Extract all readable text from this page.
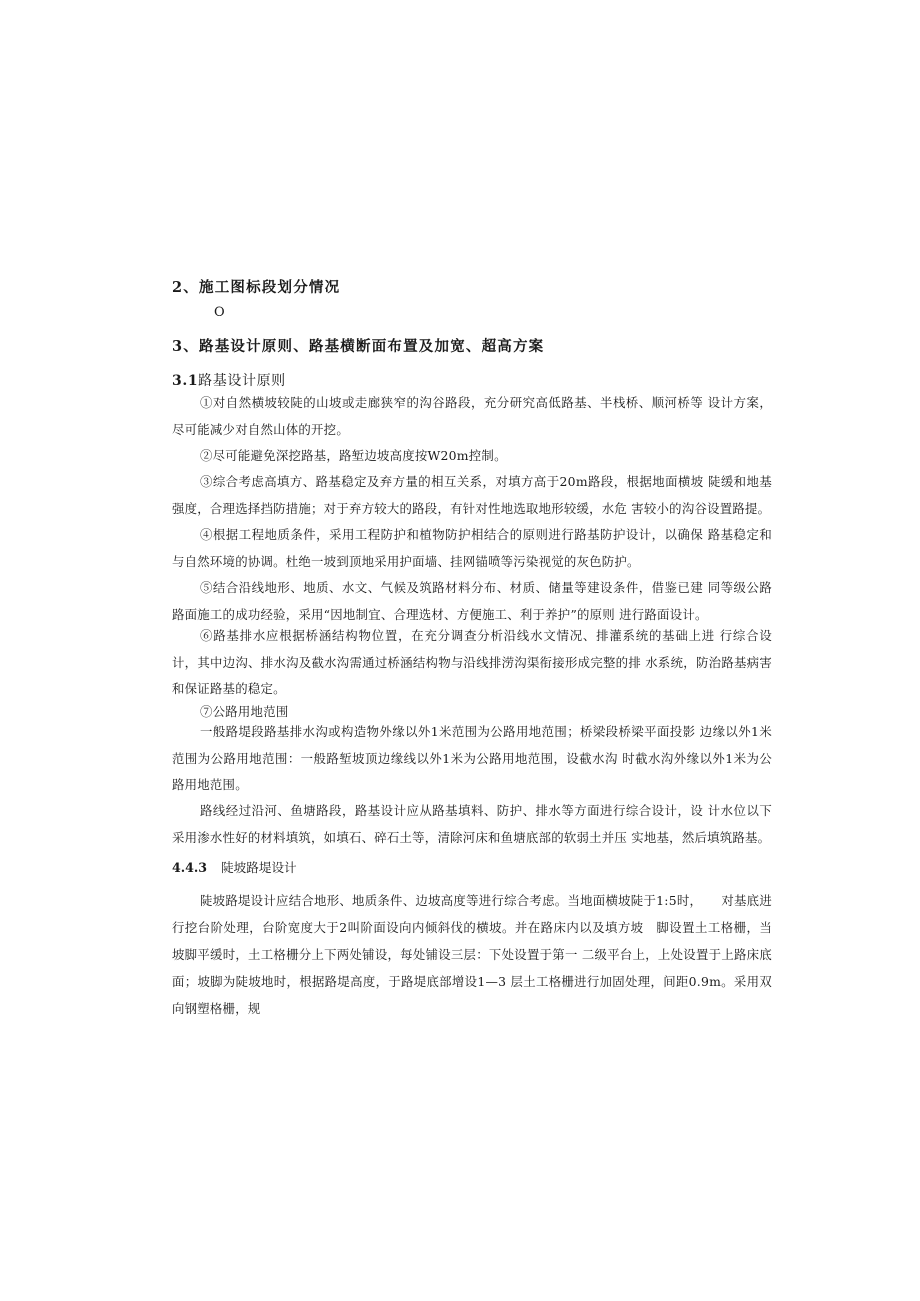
2、施工图标段划分情况
O
3、路基设计原则、路基横断面布置及加宽、超高方案
3.1路基设计原则

①对自然横坡较陡的山坡或走廊狭窄的沟谷路段，充分研究高低路基、半栈桥、顺河桥等 设计方案，尽可能减少对自然山体的开挖。

②尽可能避免深挖路基，路堑边坡高度按W20m控制。

③综合考虑高填方、路基稳定及弃方量的相互关系，对填方高于20m路段，根据地面横坡 陡缓和地基强度，合理选择挡防措施；对于弃方较大的路段，有针对性地选取地形较缓，水危 害较小的沟谷设置路提。

④根据工程地质条件，采用工程防护和植物防护相结合的原则进行路基防护设计，以确保 路基稳定和与自然环境的协调。杜绝一坡到顶地采用护面墙、挂网锚喷等污染视觉的灰色防护。

⑤结合沿线地形、地质、水文、气候及筑路材料分布、材质、储量等建设条件，借鉴已建 同等级公路路面施工的成功经验，采用“因地制宜、合理选材、方便施工、利于养护”的原则 进行路面设计。

⑥路基排水应根据桥涵结构物位置，在充分调查分析沿线水文情况、排灌系统的基础上进 行综合设计，其中边沟、排水沟及截水沟需通过桥涵结构物与沿线排涝沟渠衔接形成完整的排 水系统，防治路基病害和保证路基的稳定。

⑦公路用地范围

一般路堤段路基排水沟或构造物外缘以外1米范围为公路用地范围；桥梁段桥梁平面投影 边缘以外1米范围为公路用地范围：一般路堑坡顶边缘线以外1米为公路用地范围，设截水沟 时截水沟外缘以外1米为公路用地范围。

路线经过沿河、鱼塘路段，路基设计应从路基填料、防护、排水等方面进行综合设计，设 计水位以下采用渗水性好的材料填筑，如填石、碎石土等，清除河床和鱼塘底部的软弱土并压 实地基，然后填筑路基。

4.4.3 陡坡路堤设计

陡坡路堤设计应结合地形、地质条件、边坡高度等进行综合考虑。当地面横坡陡于1:5时，　　对基底进行挖台阶处理，台阶宽度大于2叫阶面设向内倾斜伐的横坡。并在路床内以及填方坡　脚设置土工格栅，当坡脚平缓时，土工格栅分上下两处铺设，每处铺设三层：下处设置于第一 二级平台上，上处设置于上路床底面；坡脚为陡坡地时，根据路堤高度，于路堤底部增设1—3 层土工格栅进行加固处理，间距0.9m。采用双向钢塑格栅，规
